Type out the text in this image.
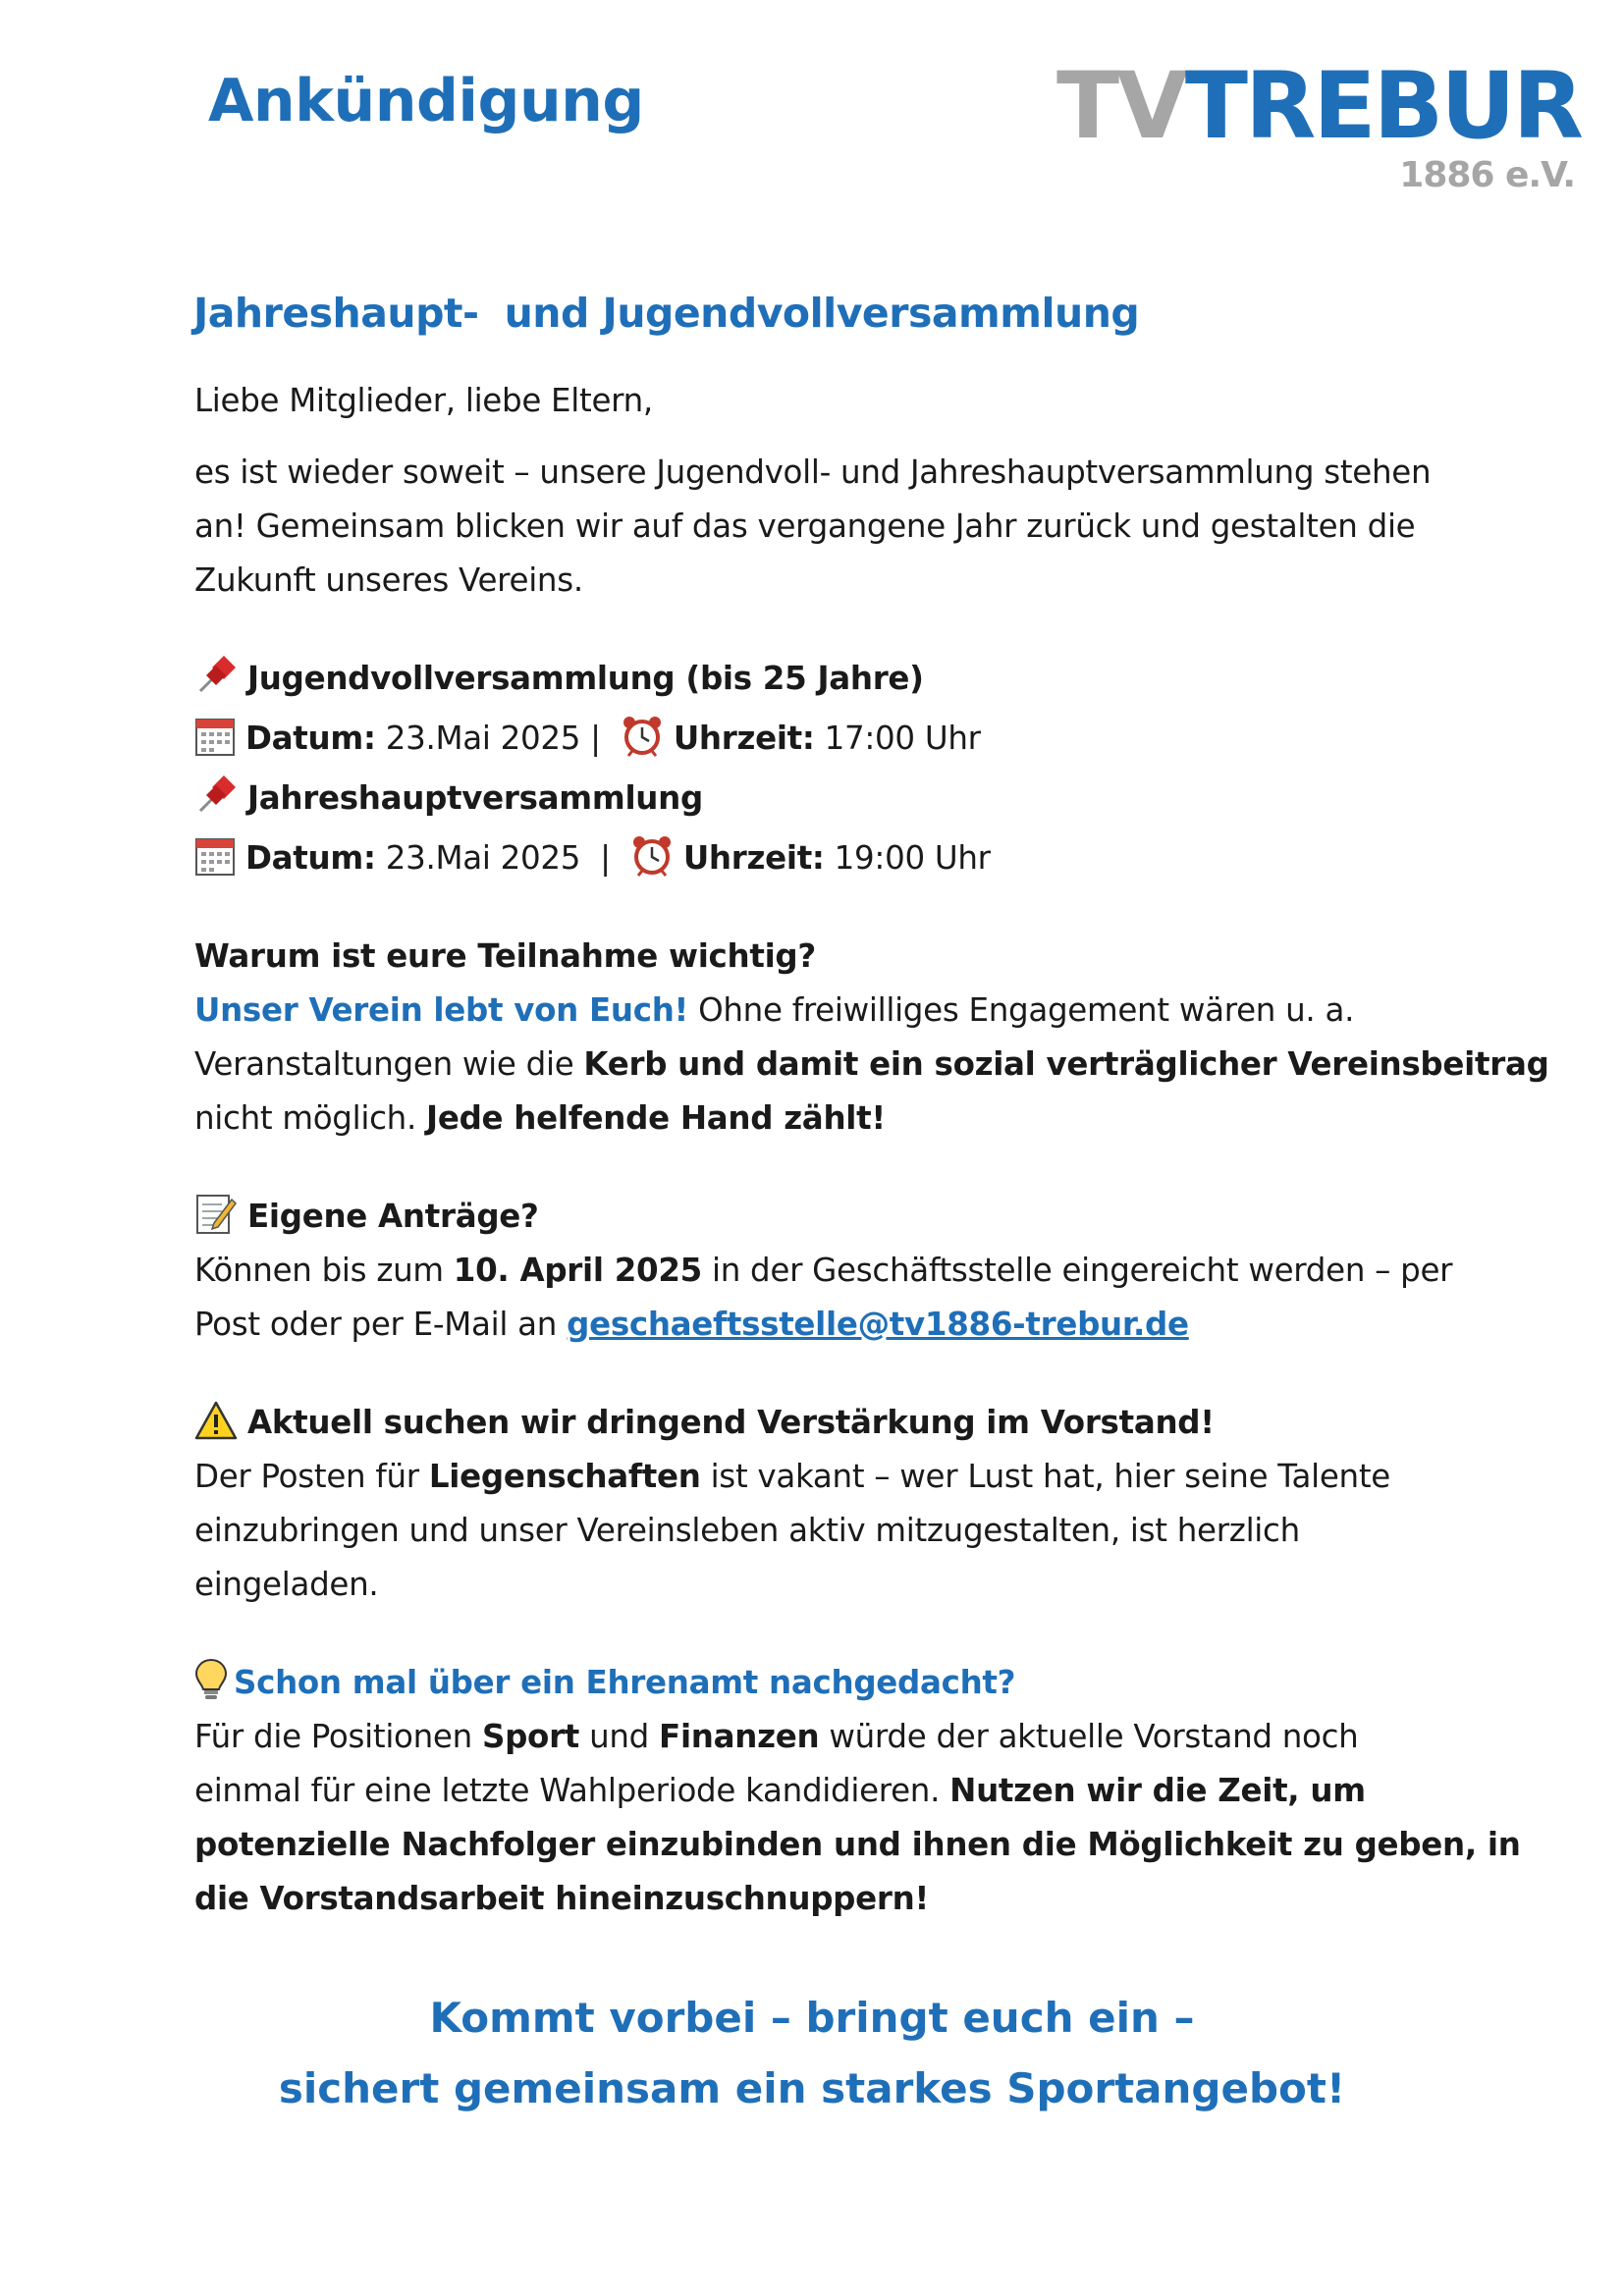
Ankündigung	TVTREBUR
1886 e.V.
Jahreshaupt- und Jugendvollversammlung
Liebe Mitglieder, liebe Eltern,
es ist wieder soweit – unsere Jugendvoll- und Jahreshauptversammlung stehen
an! Gemeinsam blicken wir auf das vergangene Jahr zurück und gestalten die
Zukunft unseres Vereins.
Jugendvollversammlung (bis 25 Jahre)
Datum: 23.Mai 2025 | Uhrzeit: 17:00 Uhr
Jahreshauptversammlung
Datum: 23.Mai 2025  | Uhrzeit: 19:00 Uhr
Warum ist eure Teilnahme wichtig?
Unser Verein lebt von Euch! Ohne freiwilliges Engagement wären u. a.
Veranstaltungen wie die Kerb und damit ein sozial verträglicher Vereinsbeitrag
nicht möglich. Jede helfende Hand zählt!
Eigene Anträge?
Können bis zum 10. April 2025 in der Geschäftsstelle eingereicht werden – per
Post oder per E-Mail an geschaeftsstelle@tv1886-trebur.de
Aktuell suchen wir dringend Verstärkung im Vorstand!
Der Posten für Liegenschaften ist vakant – wer Lust hat, hier seine Talente
einzubringen und unser Vereinsleben aktiv mitzugestalten, ist herzlich
eingeladen.
Schon mal über ein Ehrenamt nachgedacht?
Für die Positionen Sport und Finanzen würde der aktuelle Vorstand noch
einmal für eine letzte Wahlperiode kandidieren. Nutzen wir die Zeit, um
potenzielle Nachfolger einzubinden und ihnen die Möglichkeit zu geben, in
die Vorstandsarbeit hineinzuschnuppern!
Kommt vorbei – bringt euch ein –
sichert gemeinsam ein starkes Sportangebot!
